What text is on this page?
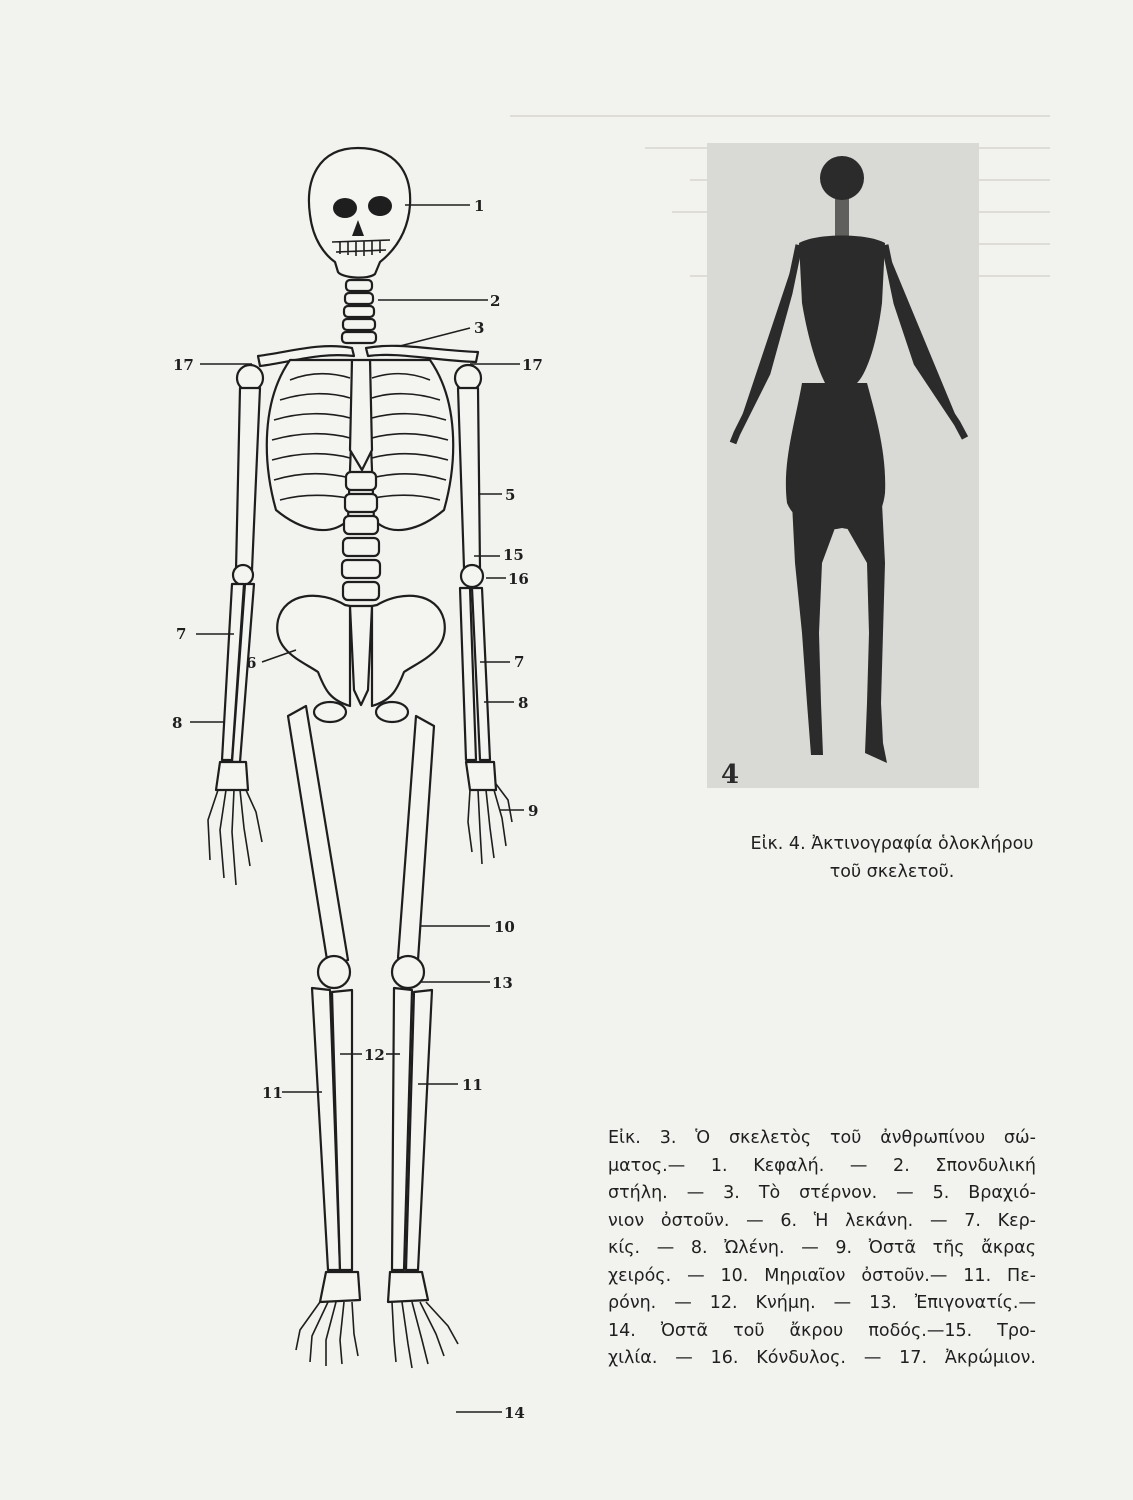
1
2
3
17	17
5
15
16
7
6	7
8
8
9
10
13
12
11	11
14
4

Εἰκ. 4. Ἀκτινογραφία ὁλοκλήρου
τοῦ σκελετοῦ.

Εἰκ. 3. Ὁ σκελετὸς τοῦ ἀνθρωπίνου σώ-
ματος.— 1. Κεφαλή. — 2. Σπονδυλική
στήλη. — 3. Τὸ στέρνον. — 5. Βραχιό-
νιον ὀστοῦν. — 6. Ἡ λεκάνη. — 7. Κερ-
κίς. — 8. Ὠλένη. — 9. Ὀστᾶ τῆς ἄκρας
χειρός. — 10. Μηριαῖον ὀστοῦν.— 11. Πε-
ρόνη. — 12. Κνήμη. — 13. Ἐπιγονατίς.—
14. Ὀστᾶ τοῦ ἄκρου ποδός.—15. Τρο-
χιλία. — 16. Κόνδυλος. — 17. Ἀκρώμιον.
